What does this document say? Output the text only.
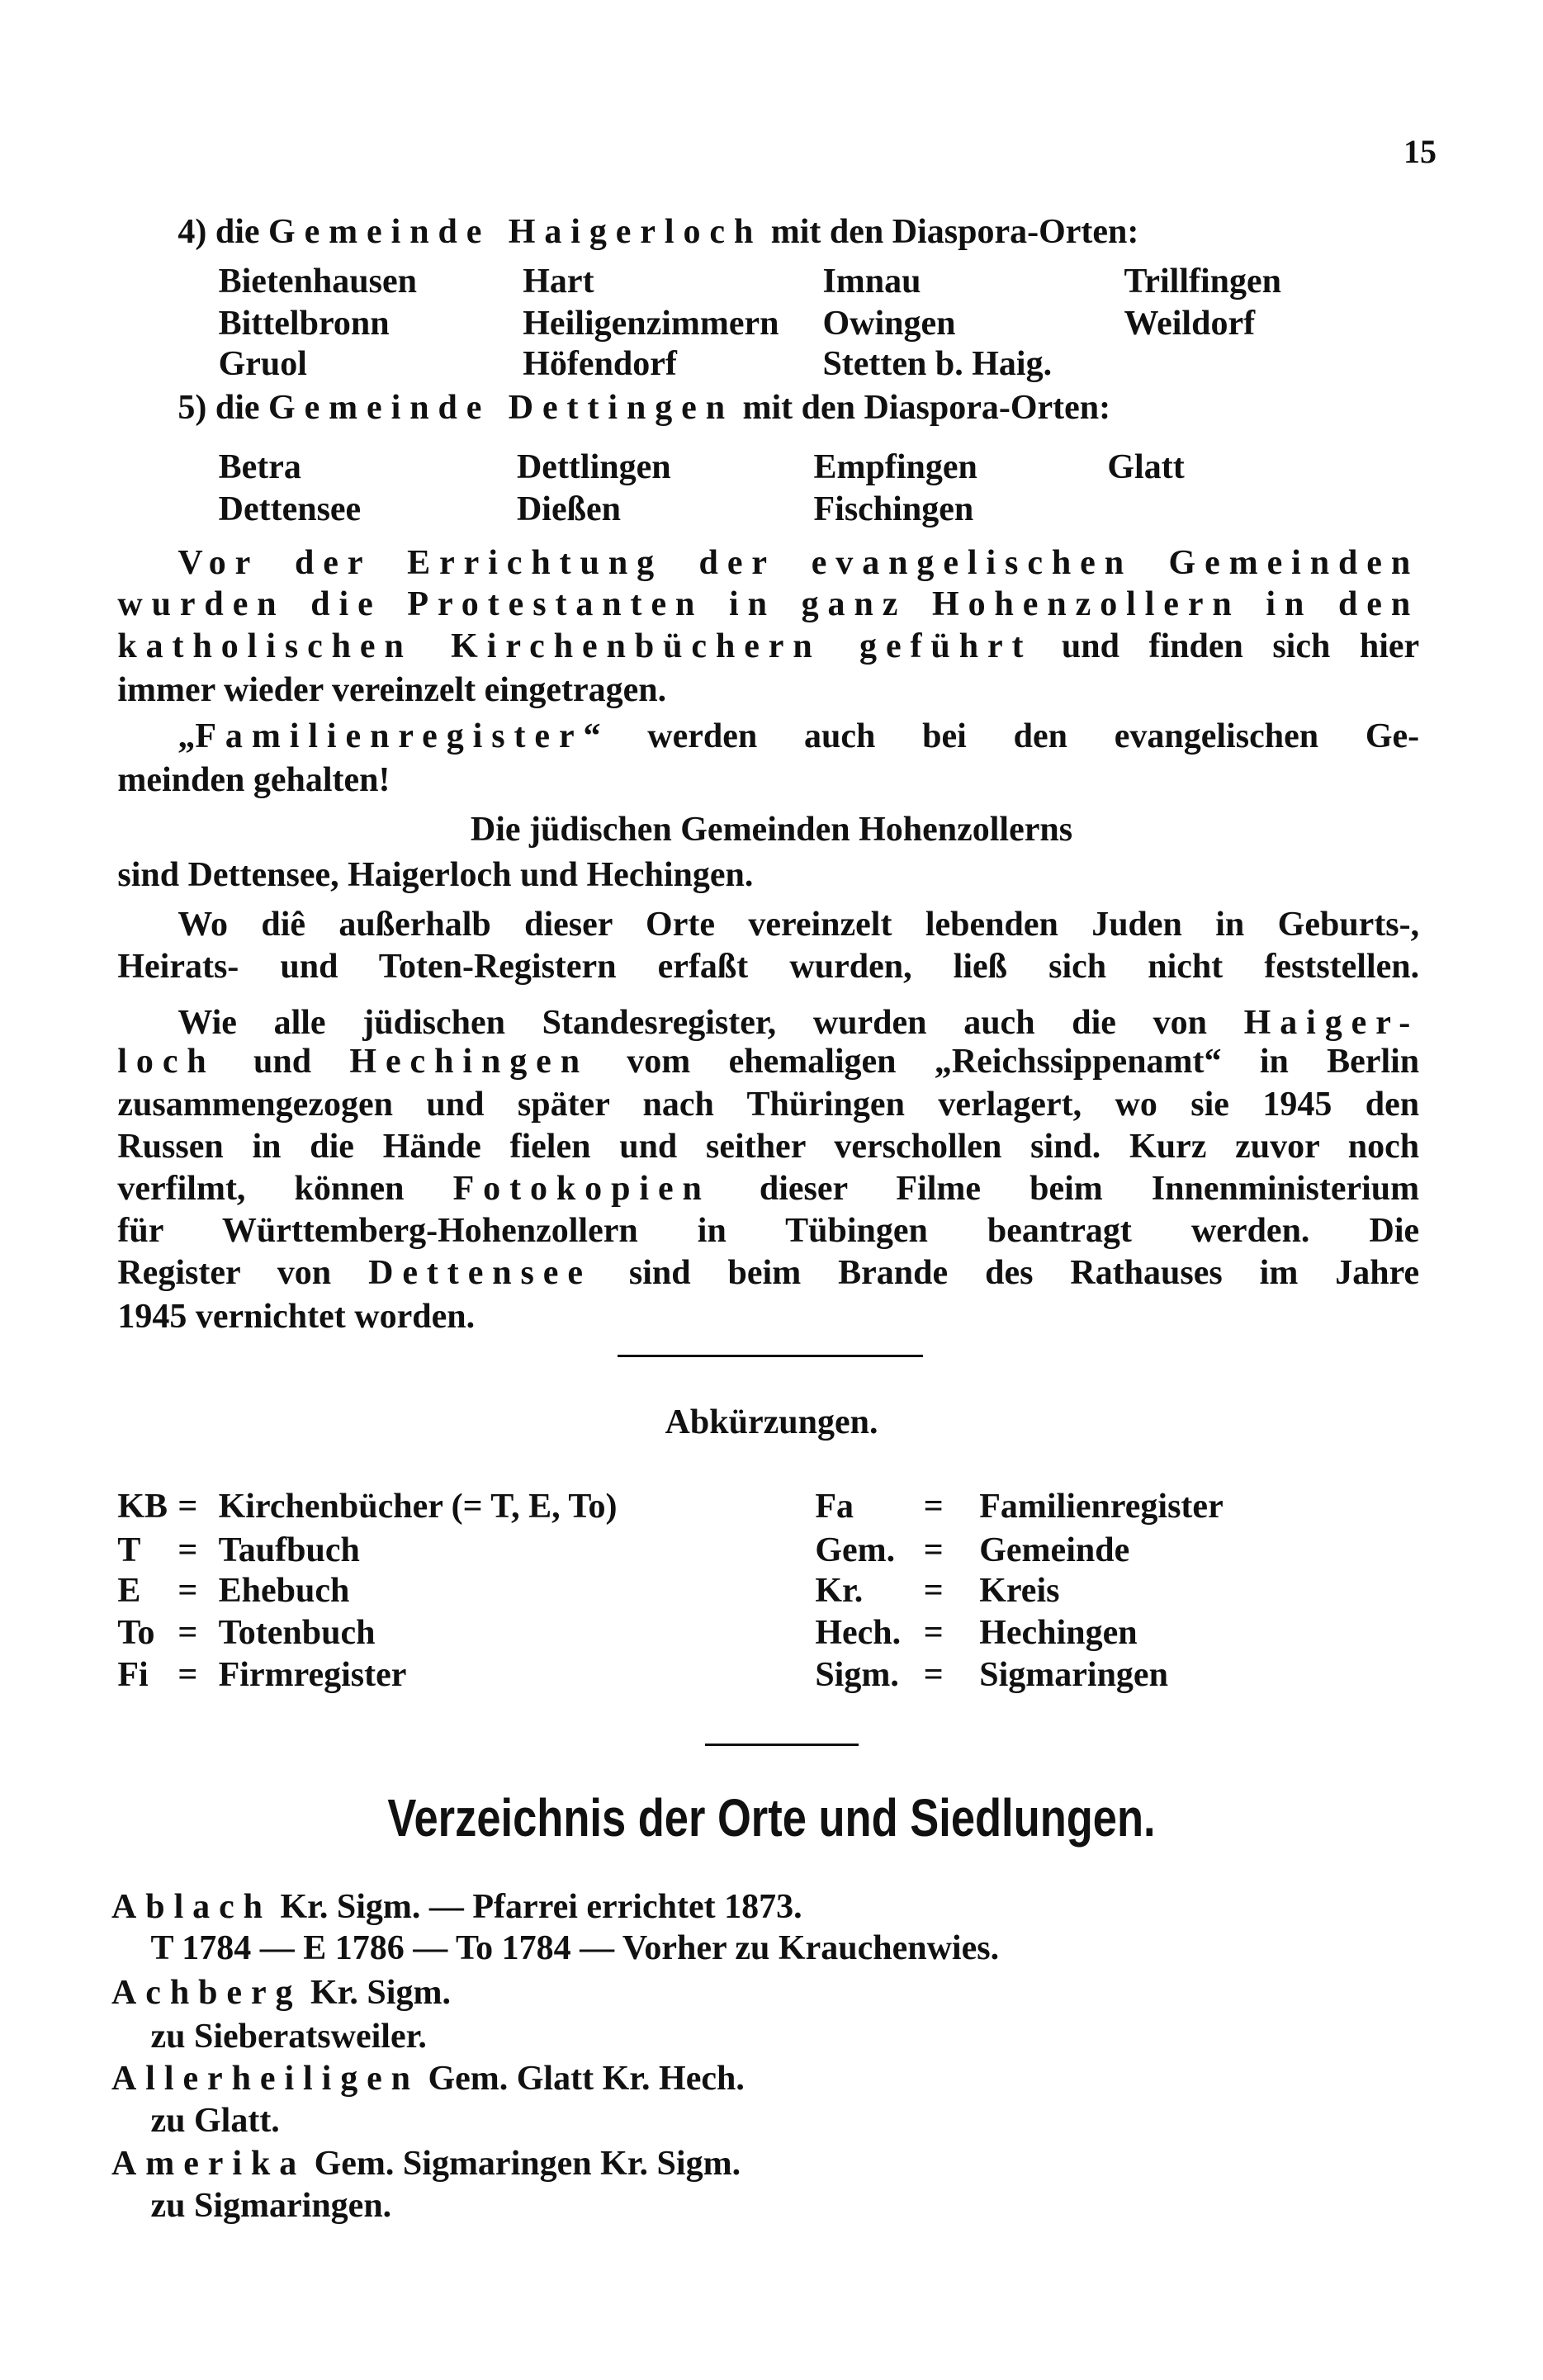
15
4) die Gemeinde Haigerloch mit den Diaspora-Orten:
5) die Gemeinde Dettingen mit den Diaspora-Orten:
Vor der Errichtung der evangelischen Gemeinden
wurden die Protestanten in ganz Hohenzollern in den
katholischen Kirchenbüchern geführt und finden sich hier
immer wieder vereinzelt eingetragen.
„Familienregister“ werden auch bei den evangelischen Ge-
meinden gehalten!
sind Dettensee, Haigerloch und Hechingen.
Wo diê außerhalb dieser Orte vereinzelt lebenden Juden in Geburts-,
Heirats- und Toten-Registern erfaßt wurden, ließ sich nicht feststellen.
Wie alle jüdischen Standesregister, wurden auch die von Haiger-
loch und Hechingen vom ehemaligen „Reichssippenamt“ in Berlin
zusammengezogen und später nach Thüringen verlagert, wo sie 1945 den
Russen in die Hände fielen und seither verschollen sind. Kurz zuvor noch
verfilmt, können Fotokopien dieser Filme beim Innenministerium
für Württemberg-Hohenzollern in Tübingen beantragt werden. Die
Register von Dettensee sind beim Brande des Rathauses im Jahre
1945 vernichtet worden.
Ablach Kr. Sigm. — Pfarrei errichtet 1873.
T 1784 — E 1786 — To 1784 — Vorher zu Krauchenwies.
Achberg Kr. Sigm.
zu Sieberatsweiler.
Allerheiligen Gem. Glatt Kr. Hech.
zu Glatt.
Amerika Gem. Sigmaringen Kr. Sigm.
zu Sigmaringen.
Bietenhausen	Hart	Imnau	Trillfingen
Bittelbronn	Heiligenzimmern Owingen	Weildorf
Gruol	Höfendorf	Stetten b. Haig.
Betra	Dettlingen	Empfingen	Glatt
Dettensee	Dießen	Fischingen
Die jüdischen Gemeinden Hohenzollerns
Abkürzungen.
KB = Kirchenbücher (= T, E, To)
T = Taufbuch
E = Ehebuch
To = Totenbuch
Fi = Firmregister
Fa = Familienregister
Gem. = Gemeinde
Kr. = Kreis
Hech. = Hechingen
Sigm. = Sigmaringen
Verzeichnis der Orte und Siedlungen.
